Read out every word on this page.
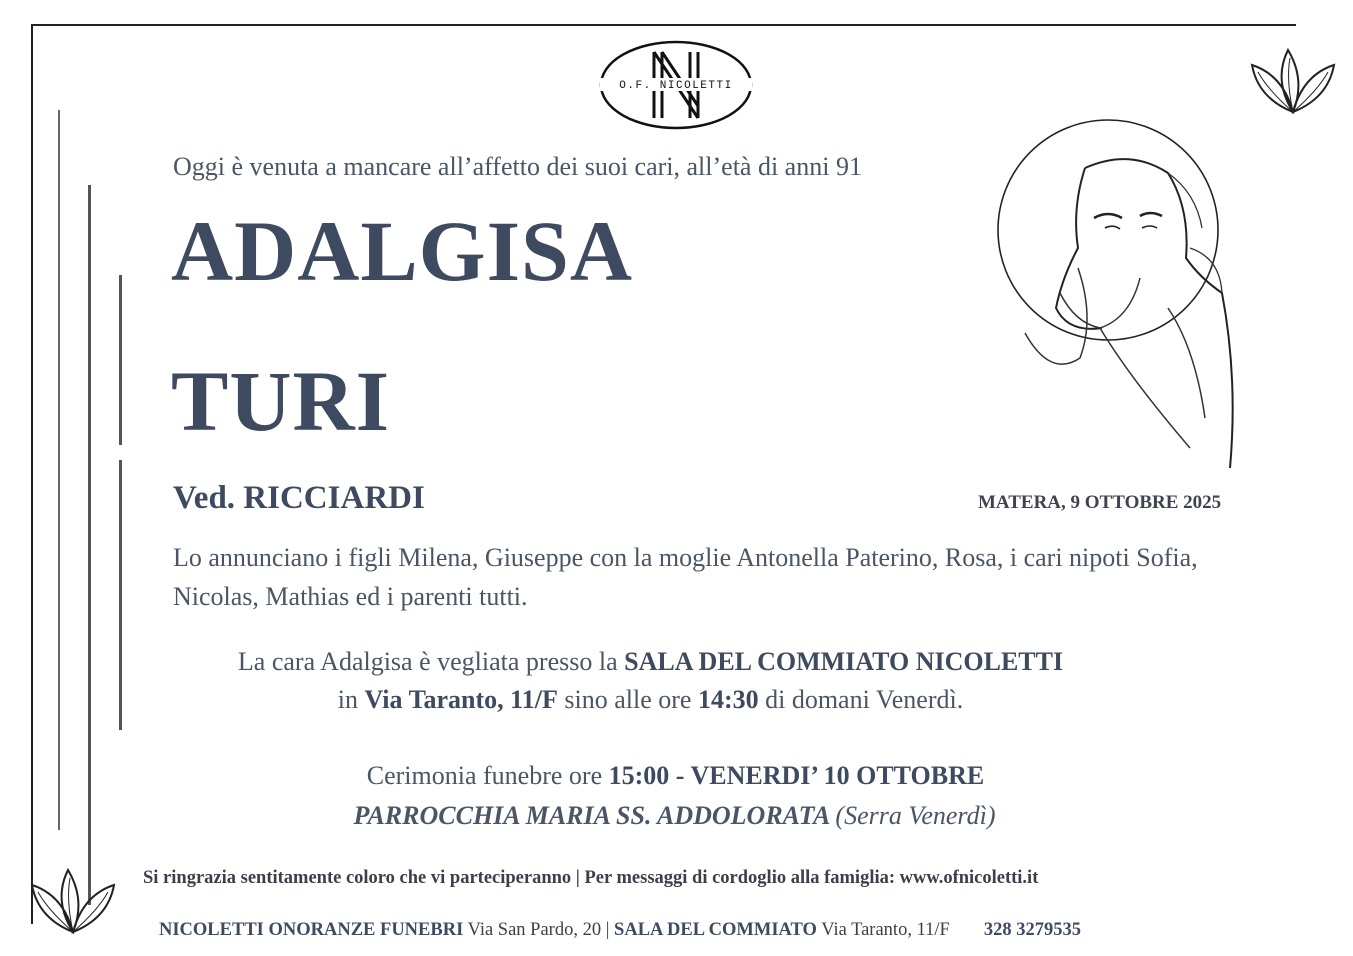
O.F. NICOLETTI
Oggi è venuta a mancare all’affetto dei suoi cari, all’età di anni 91
ADALGISA
TURI
Ved. RICCIARDI	MATERA, 9 OTTOBRE 2025
Lo annunciano i figli Milena, Giuseppe con la moglie Antonella Paterino, Rosa, i cari nipoti Sofia, Nicolas, Mathias ed i parenti tutti.
La cara Adalgisa è vegliata presso la SALA DEL COMMIATO NICOLETTI
in Via Taranto, 11/F sino alle ore 14:30 di domani Venerdì.
Cerimonia funebre ore 15:00 - VENERDI’ 10 OTTOBRE
PARROCCHIA MARIA SS. ADDOLORATA (Serra Venerdì)
Si ringrazia sentitamente coloro che vi parteciperanno | Per messaggi di cordoglio alla famiglia: www.ofnicoletti.it
NICOLETTI ONORANZE FUNEBRI Via San Pardo, 20 | SALA DEL COMMIATO Via Taranto, 11/F 328 3279535
